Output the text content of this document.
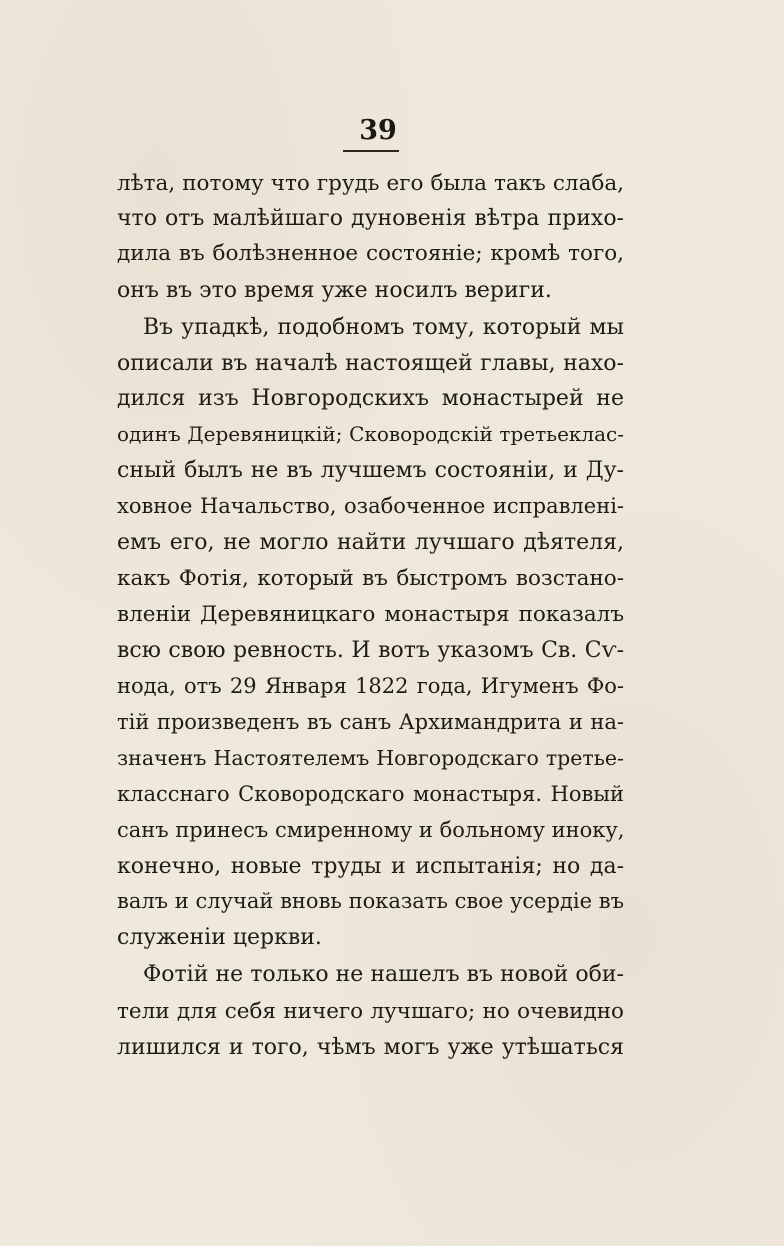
39
лѣта, потому что грудь его была такъ слаба,
что отъ малѣйшаго дуновенія вѣтра прихо-
дила въ болѣзненное состояніе; кромѣ того,
онъ въ это время уже носилъ вериги.
Въ упадкѣ, подобномъ тому, который мы
описали въ началѣ настоящей главы, нахо-
дился изъ Новгородскихъ монастырей не
одинъ Деревяницкій; Сковородскій третьеклас-
сный былъ не въ лучшемъ состояніи, и Ду-
ховное Начальство, озабоченное исправлені-
емъ его, не могло найти лучшаго дѣятеля,
какъ Фотія, который въ быстромъ возстано-
вленіи Деревяницкаго монастыря показалъ
всю свою ревность. И вотъ указомъ Св. Сѵ-
нода, отъ 29 Января 1822 года, Игуменъ Фо-
тій произведенъ въ санъ Архимандрита и на-
значенъ Настоятелемъ Новгородскаго третье-
класснаго Сковородскаго монастыря. Новый
санъ принесъ смиренному и больному иноку,
конечно, новые труды и испытанія; но да-
валъ и случай вновь показать свое усердіе въ
служеніи церкви.
Фотій не только не нашелъ въ новой оби-
тели для себя ничего лучшаго; но очевидно
лишился и того, чѣмъ могъ уже утѣшаться
